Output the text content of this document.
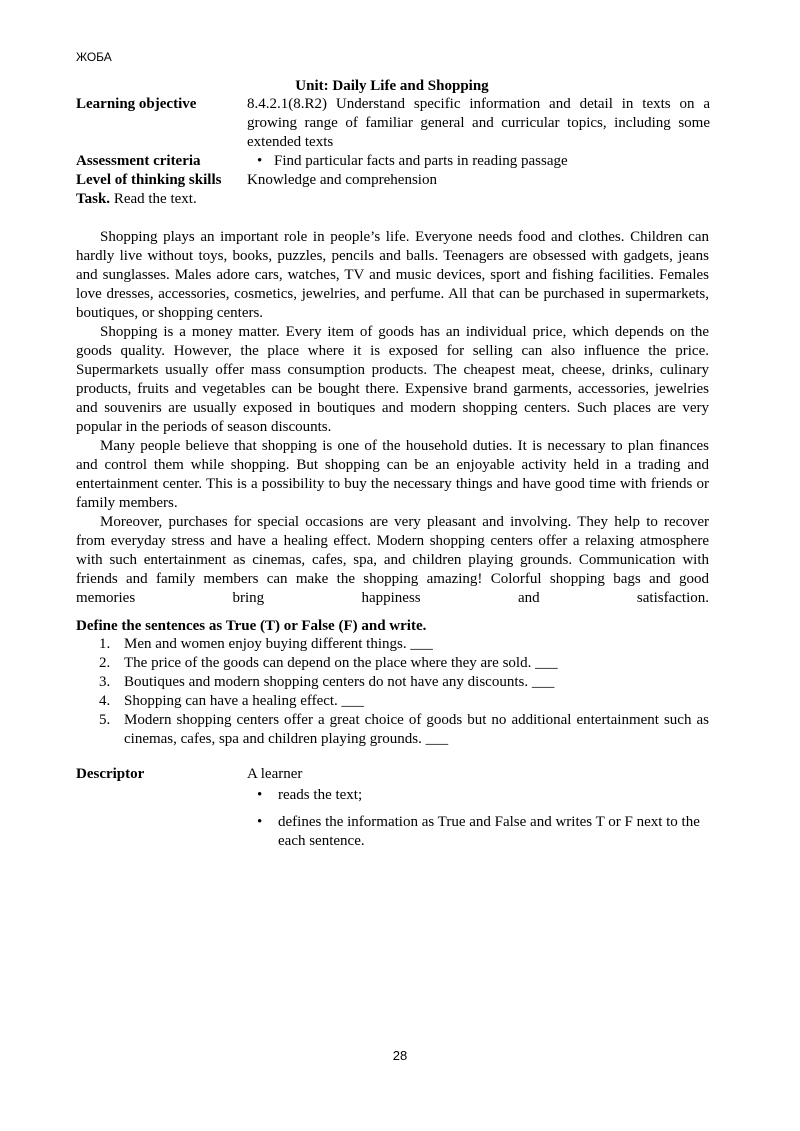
ЖОБА
Unit: Daily Life and Shopping
Learning objective	8.4.2.1(8.R2) Understand specific information and detail in texts on a growing range of familiar general and curricular topics, including some extended texts
Assessment criteria
•	Find particular facts and parts in reading passage
Level of thinking skills Knowledge and comprehension
Task. Read the text.

Shopping plays an important role in people’s life. Everyone needs food and clothes. Children can hardly live without toys, books, puzzles, pencils and balls. Teenagers are obsessed with gadgets, jeans and sunglasses. Males adore cars, watches, TV and music devices, sport and fishing facilities. Females love dresses, accessories, cosmetics, jewelries, and perfume. All that can be purchased in supermarkets, boutiques, or shopping centers.

Shopping is a money matter. Every item of goods has an individual price, which depends on the goods quality. However, the place where it is exposed for selling can also influence the price. Supermarkets usually offer mass consumption products. The cheapest meat, cheese, drinks, culinary products, fruits and vegetables can be bought there. Expensive brand garments, accessories, jewelries and souvenirs are usually exposed in boutiques and modern shopping centers. Such places are very popular in the periods of season discounts.

Many people believe that shopping is one of the household duties. It is necessary to plan finances and control them while shopping. But shopping can be an enjoyable activity held in a trading and entertainment center. This is a possibility to buy the necessary things and have good time with friends or family members.

Moreover, purchases for special occasions are very pleasant and involving. They help to recover from everyday stress and have a healing effect. Modern shopping centers offer a relaxing atmosphere with such entertainment as cinemas, cafes, spa, and children playing grounds. Communication with friends and family members can make the shopping amazing! Colorful shopping bags and good memories bring happiness and satisfaction.

Define the sentences as True (T) or False (F) and write.
1. Men and women enjoy buying different things. ___
2. The price of the goods can depend on the place where they are sold. ___
3. Boutiques and modern shopping centers do not have any discounts. ___
4. Shopping can have a healing effect. ___
5. Modern shopping centers offer a great choice of goods but no additional entertainment such as cinemas, cafes, spa and children playing grounds. ___
Descriptor	A learner
• reads the text;
• defines the information as True and False and writes T or F next to the each sentence.
28
